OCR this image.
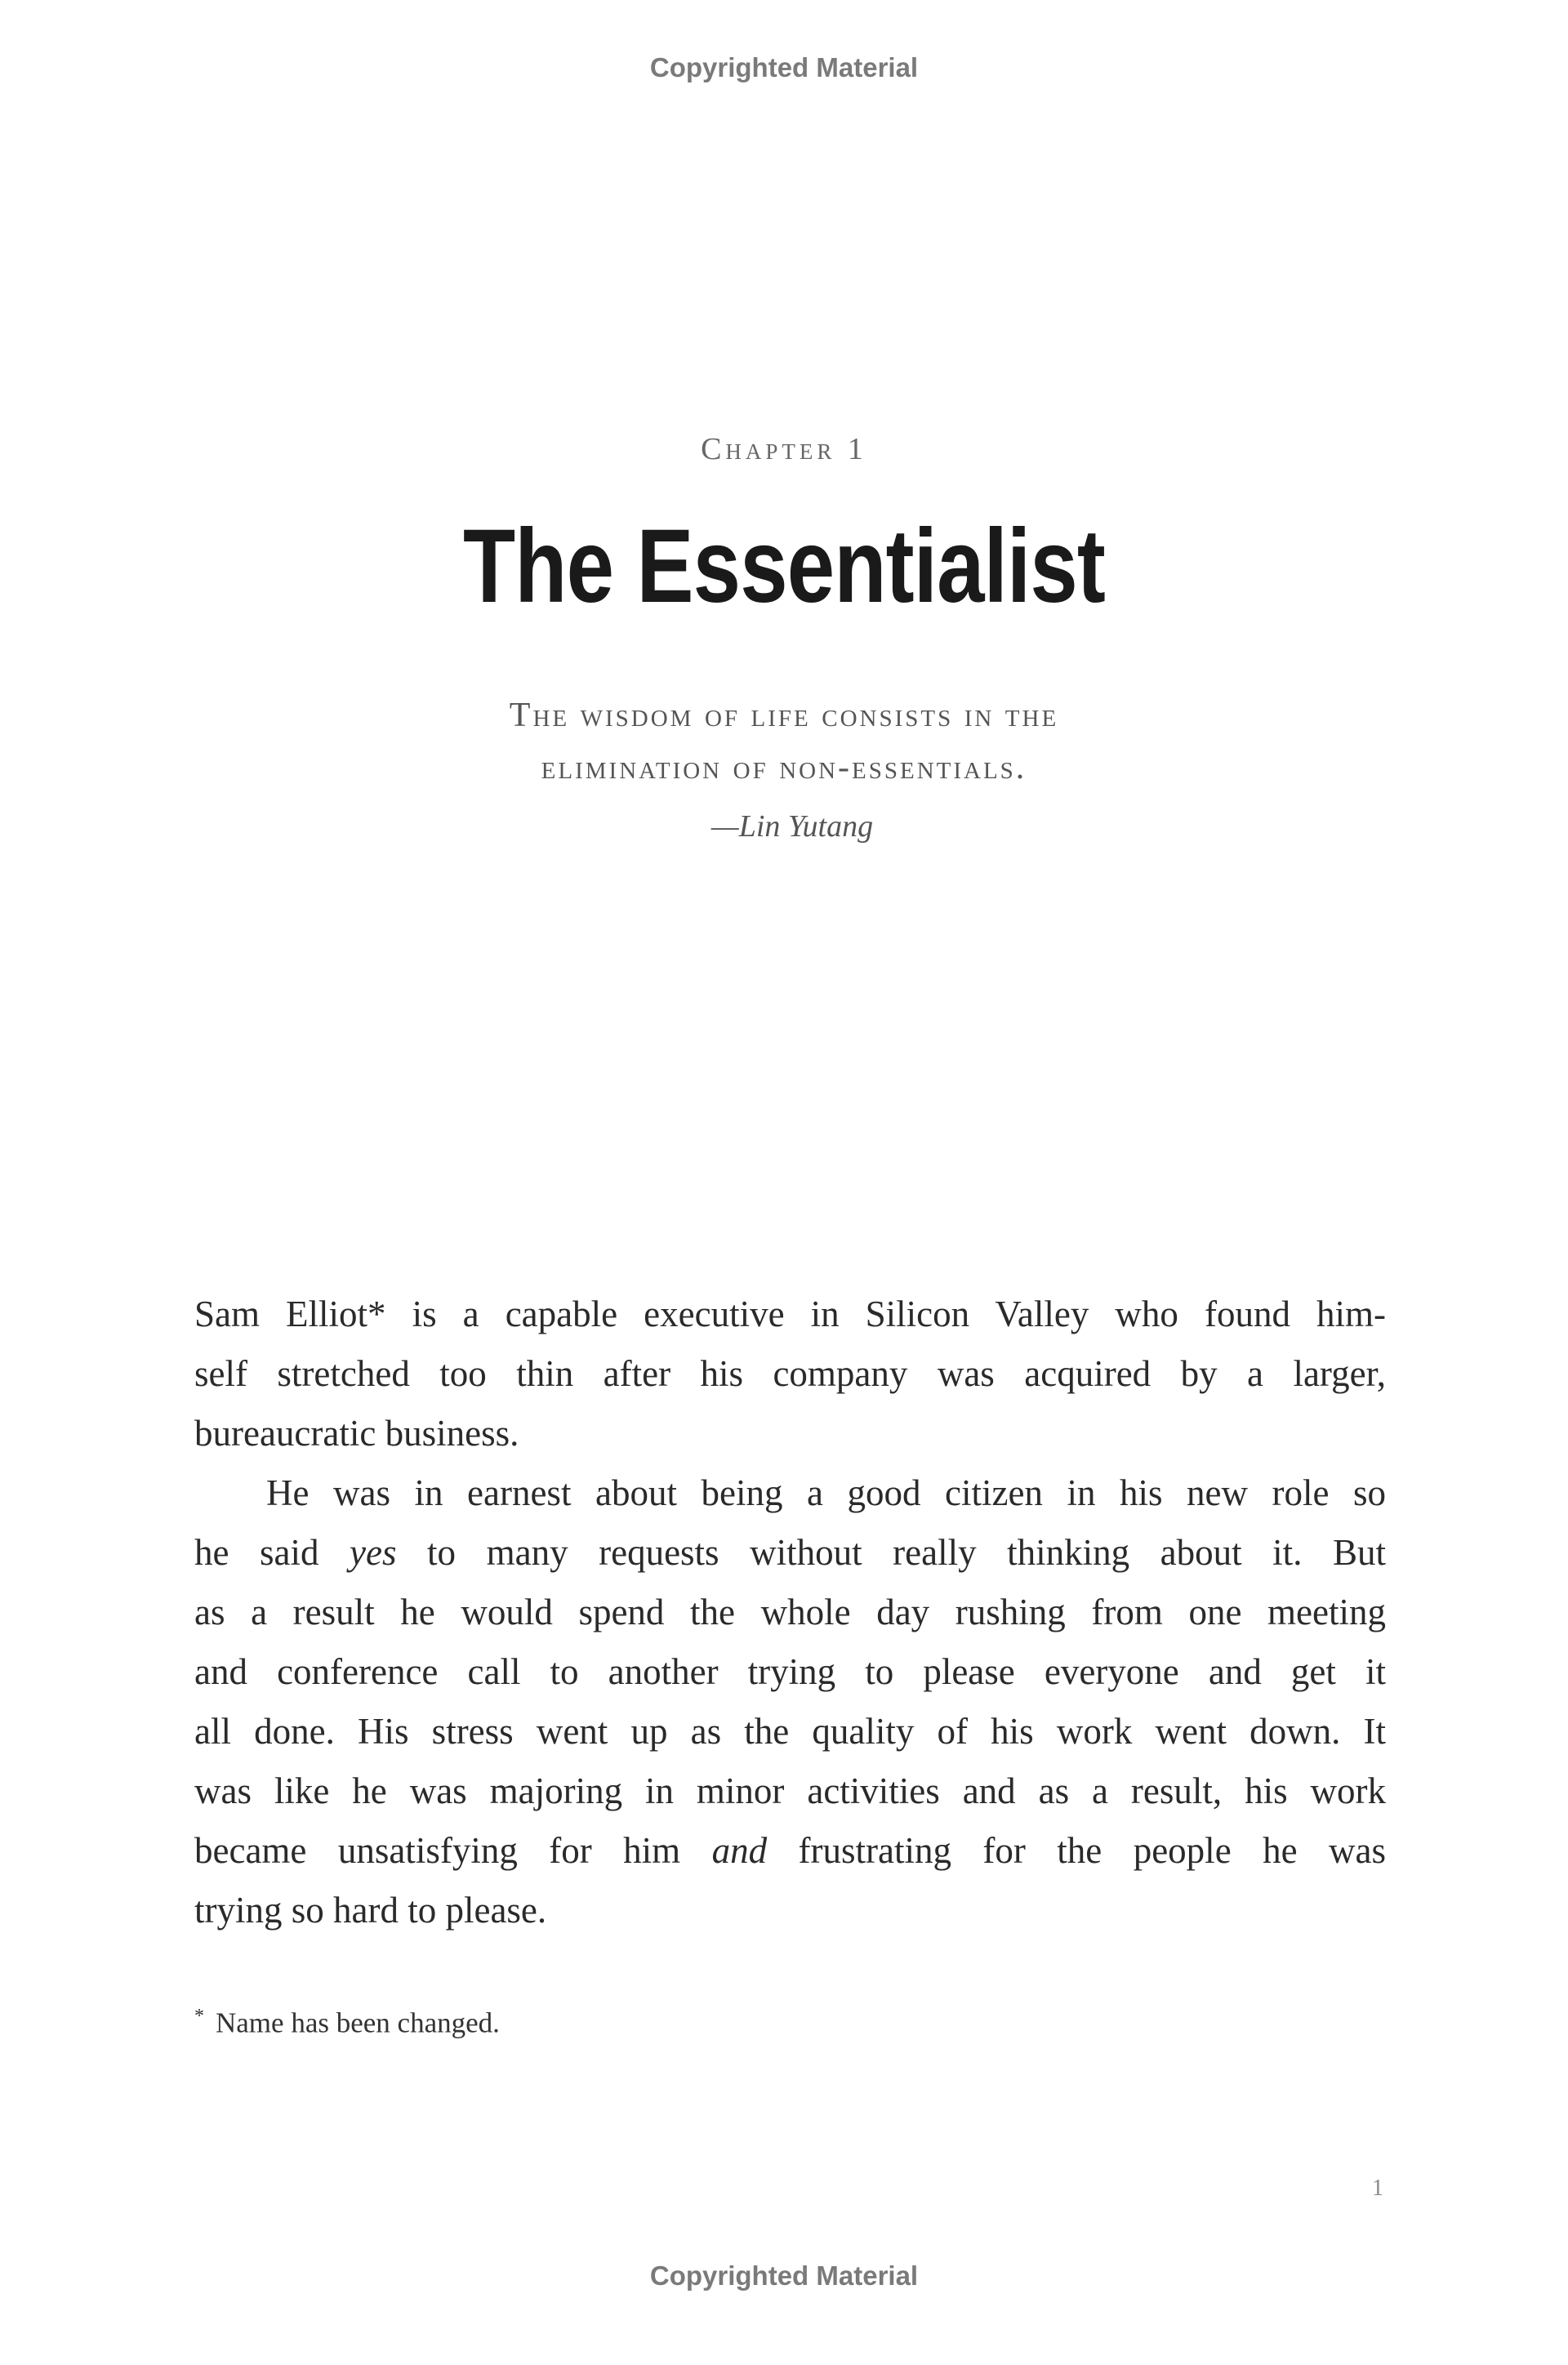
Copyrighted Material
Chapter 1
The Essentialist
The wisdom of life consists in the
elimination of non-essentials.
—Lin Yutang
Sam Elliot* is a capable executive in Silicon Valley who found him-
self stretched too thin after his company was acquired by a larger,
bureaucratic business.
He was in earnest about being a good citizen in his new role so
he said yes to many requests without really thinking about it. But
as a result he would spend the whole day rushing from one meeting
and conference call to another trying to please everyone and get it
all done. His stress went up as the quality of his work went down. It
was like he was majoring in minor activities and as a result, his work
became unsatisfying for him and frustrating for the people he was
trying so hard to please.
* Name has been changed.
1
Copyrighted Material
